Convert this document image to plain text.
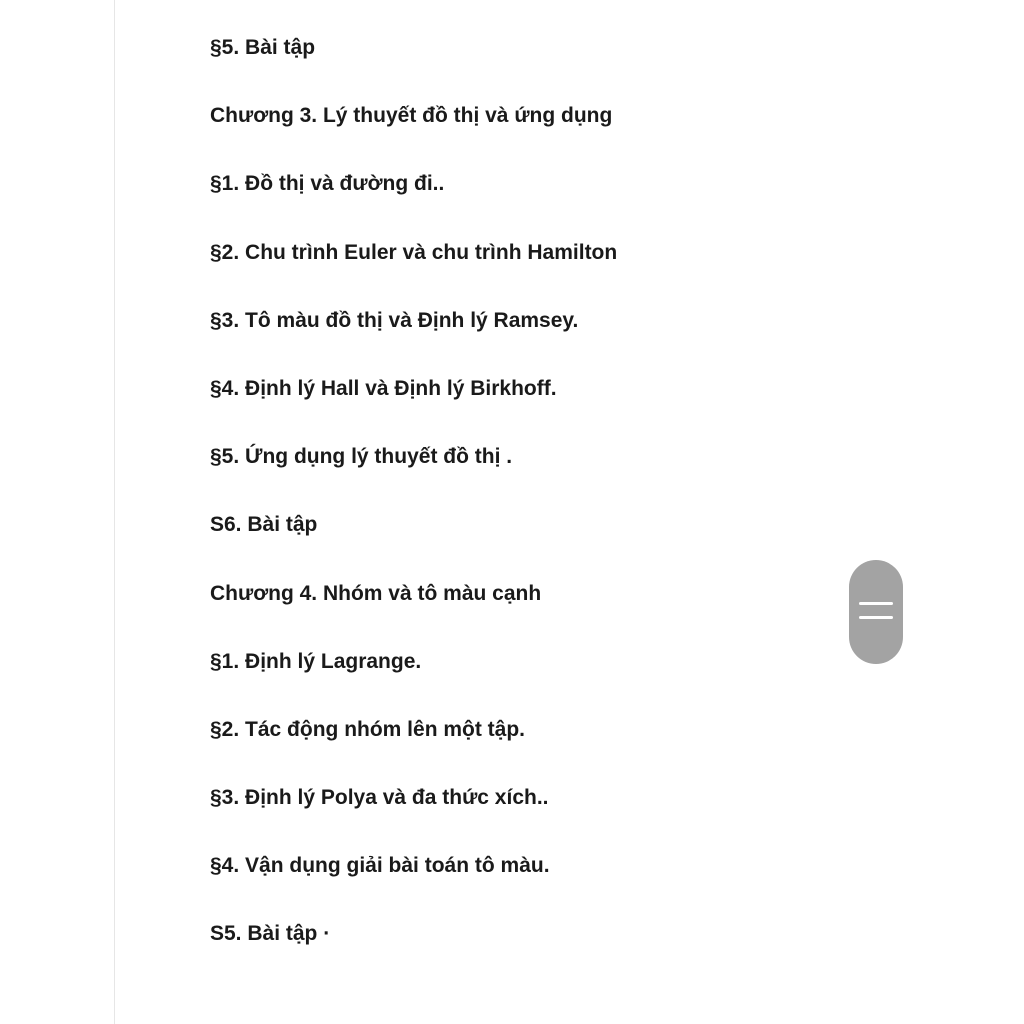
§5. Bài tập
Chương 3. Lý thuyết đồ thị và ứng dụng
§1. Đồ thị và đường đi..
§2. Chu trình Euler và chu trình Hamilton
§3. Tô màu đồ thị và Định lý Ramsey.
§4. Định lý Hall và Định lý Birkhoff.
§5. Ứng dụng lý thuyết đồ thị .
S6. Bài tập
Chương 4. Nhóm và tô màu cạnh
§1. Định lý Lagrange.
§2. Tác động nhóm lên một tập.
§3. Định lý Polya và đa thức xích..
§4. Vận dụng giải bài toán tô màu.
S5. Bài tập ·
